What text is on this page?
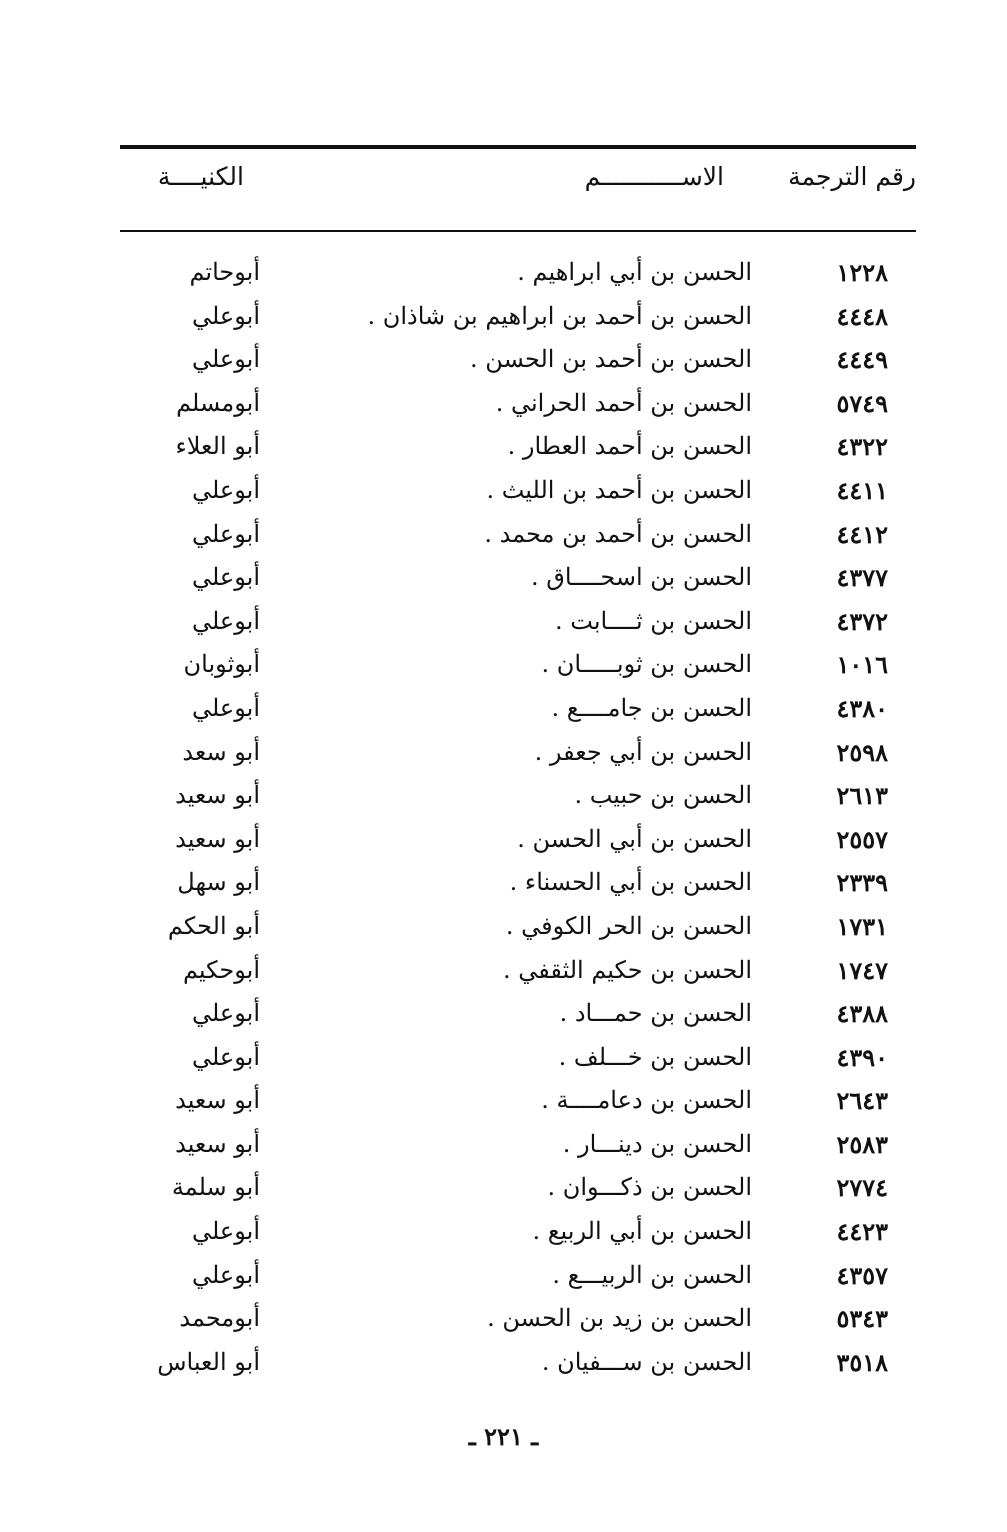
رقم الترجمة
الاســـــــــــم
الكنيــــة
١٢٢٨
الحسن بن أبي ابراهيم .
أبوحاتم
٤٤٤٨
الحسن بن أحمد بن ابراهيم بن شاذان .
أبوعلي
٤٤٤٩
الحسن بن أحمد بن الحسن .
أبوعلي
٥٧٤٩
الحسن بن أحمد الحراني .
أبومسلم
٤٣٢٢
الحسن بن أحمد العطار .
أبو العلاء
٤٤١١
الحسن بن أحمد بن الليث .
أبوعلي
٤٤١٢
الحسن بن أحمد بن محمد .
أبوعلي
٤٣٧٧
الحسن بن اسحــــاق .
أبوعلي
٤٣٧٢
الحسن بن ثــــابت .
أبوعلي
١٠١٦
الحسن بن ثوبـــــان .
أبوثوبان
٤٣٨٠
الحسن بن جامــــع .
أبوعلي
٢٥٩٨
الحسن بن أبي جعفر .
أبو سعد
٢٦١٣
الحسن بن حبيب .
أبو سعيد
٢٥٥٧
الحسن بن أبي الحسن .
أبو سعيد
٢٣٣٩
الحسن بن أبي الحسناء .
أبو سهل
١٧٣١
الحسن بن الحر الكوفي .
أبو الحكم
١٧٤٧
الحسن بن حكيم الثقفي .
أبوحكيم
٤٣٨٨
الحسن بن حمـــاد .
أبوعلي
٤٣٩٠
الحسن بن خـــلف .
أبوعلي
٢٦٤٣
الحسن بن دعامــــة .
أبو سعيد
٢٥٨٣
الحسن بن دينـــار .
أبو سعيد
٢٧٧٤
الحسن بن ذكـــوان .
أبو سلمة
٤٤٢٣
الحسن بن أبي الربيع .
أبوعلي
٤٣٥٧
الحسن بن الربيـــع .
أبوعلي
٥٣٤٣
الحسن بن زيد بن الحسن .
أبومحمد
٣٥١٨
الحسن بن ســـفيان .
أبو العباس
ـ ٢٢١ ـ
